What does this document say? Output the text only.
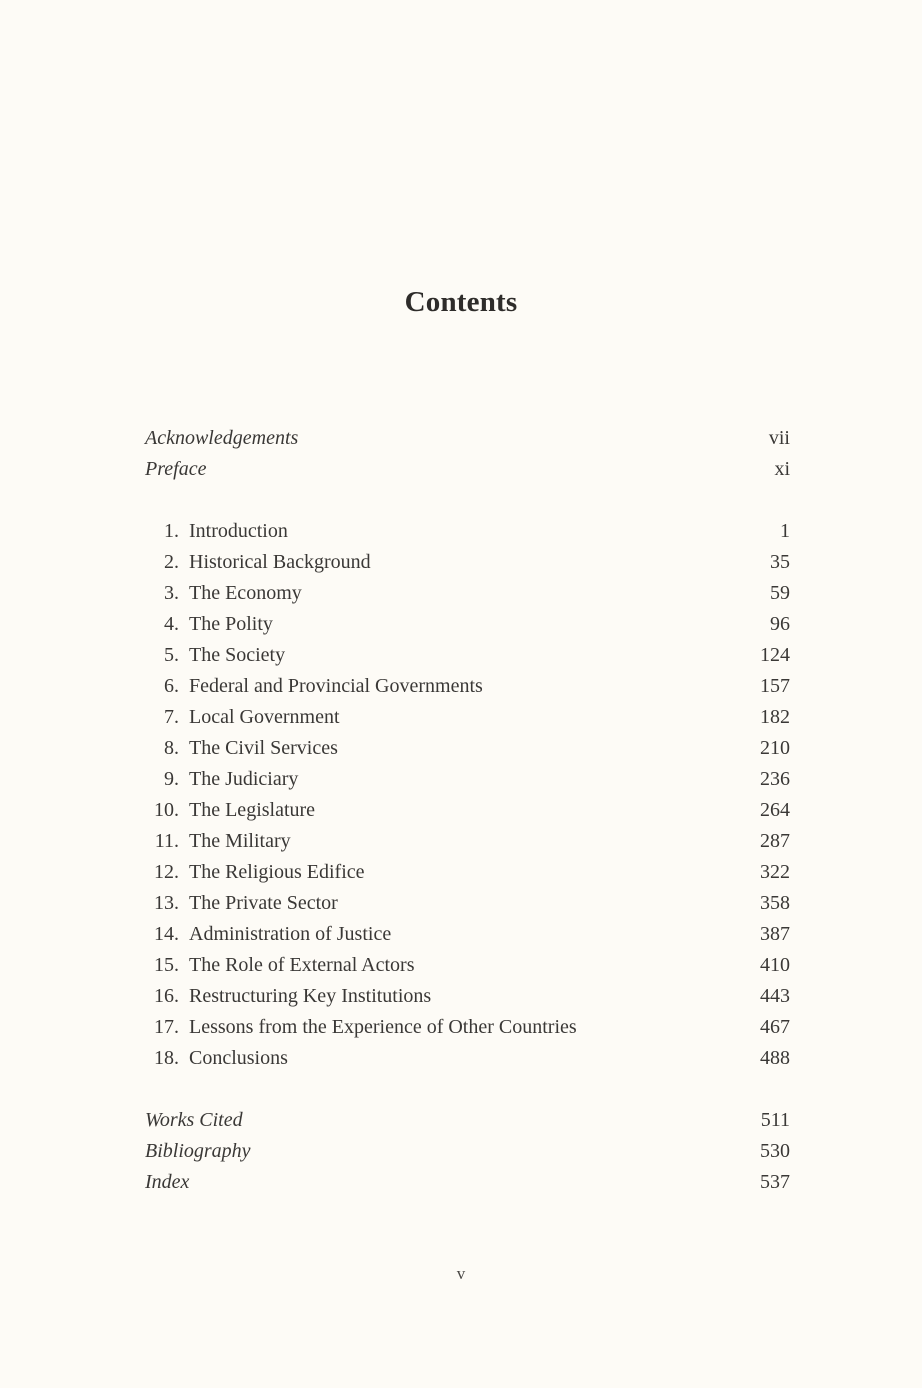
Contents
Acknowledgements	vii
Preface	xi
1. Introduction	1
2. Historical Background	35
3. The Economy	59
4. The Polity	96
5. The Society	124
6. Federal and Provincial Governments	157
7. Local Government	182
8. The Civil Services	210
9. The Judiciary	236
10. The Legislature	264
11. The Military	287
12. The Religious Edifice	322
13. The Private Sector	358
14. Administration of Justice	387
15. The Role of External Actors	410
16. Restructuring Key Institutions	443
17. Lessons from the Experience of Other Countries	467
18. Conclusions	488
Works Cited	511
Bibliography	530
Index	537
v
